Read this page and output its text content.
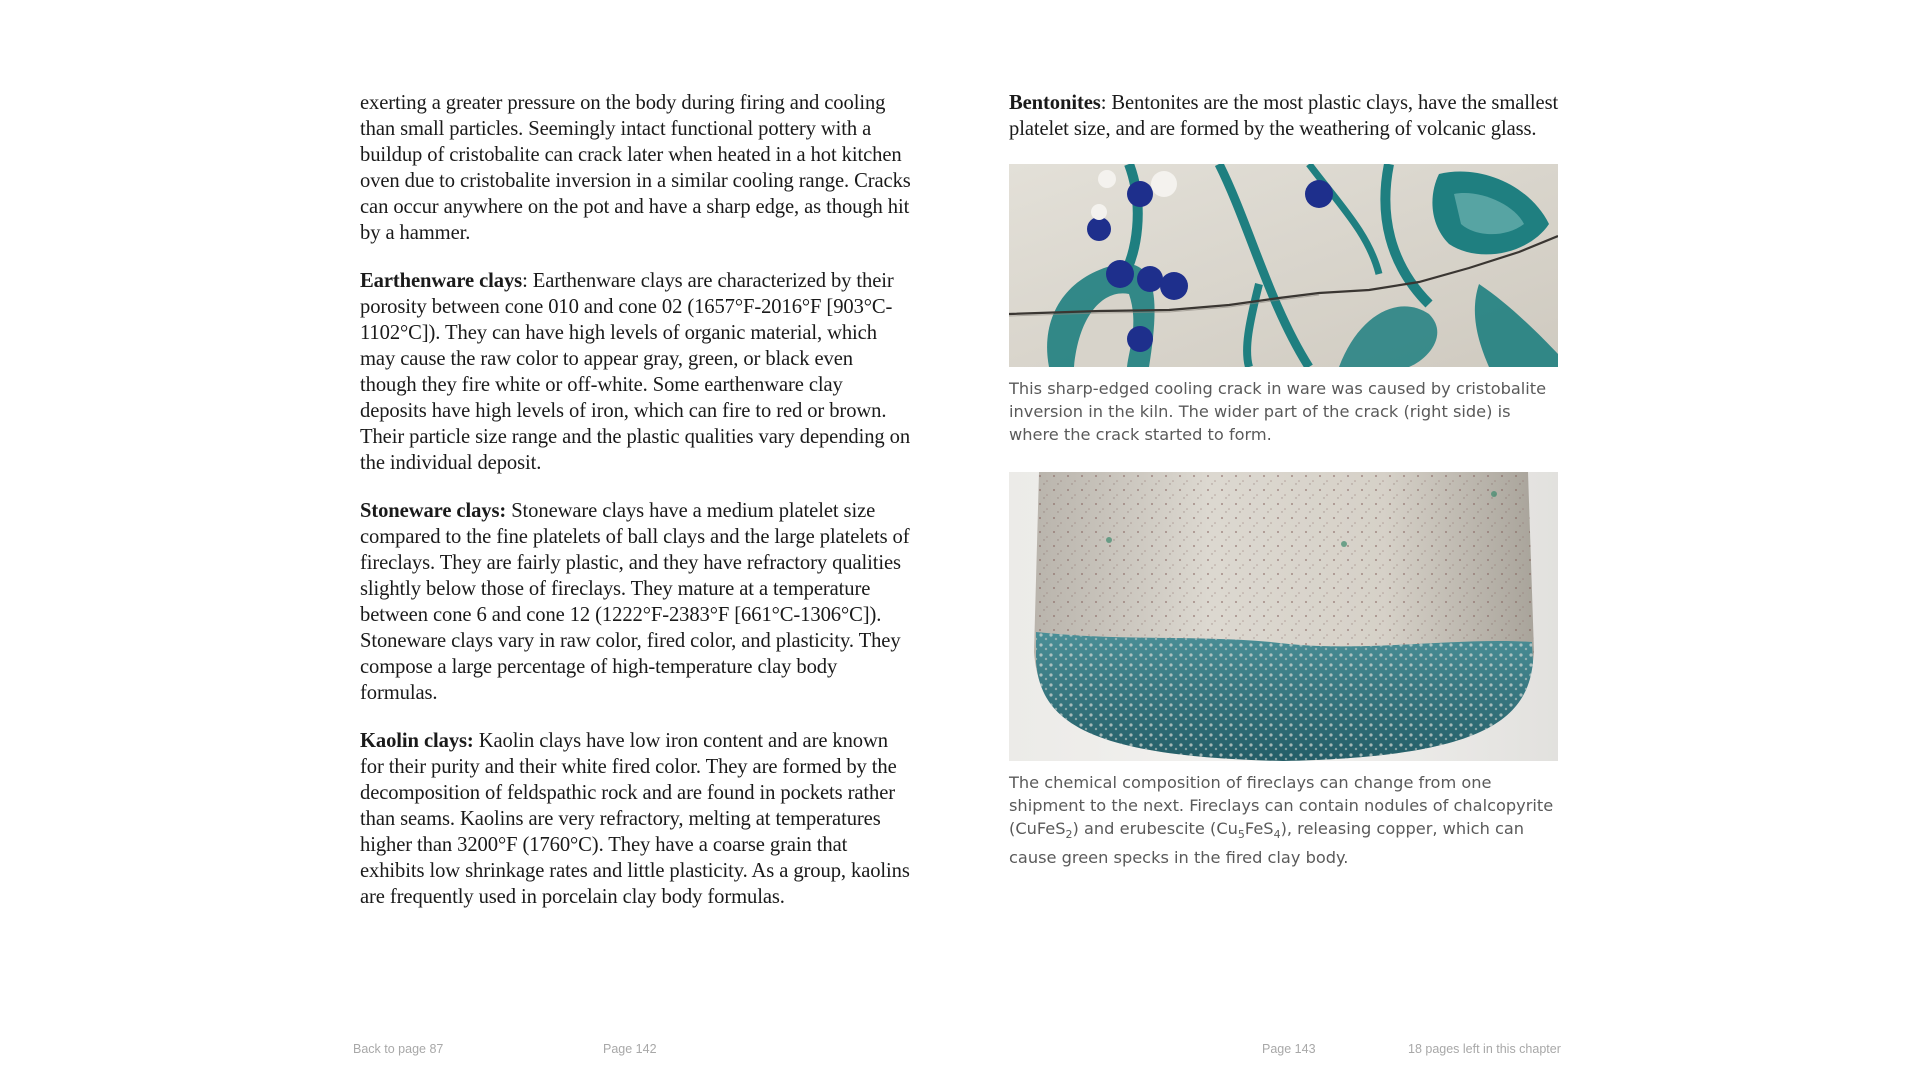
exerting a greater pressure on the body during firing and cooling than small particles. Seemingly intact functional pottery with a buildup of cristobalite can crack later when heated in a hot kitchen oven due to cristobalite inversion in a similar cooling range. Cracks can occur anywhere on the pot and have a sharp edge, as though hit by a hammer.

Earthenware clays: Earthenware clays are characterized by their porosity between cone 010 and cone 02 (1657°F-2016°F [903°C-1102°C]). They can have high levels of organic material, which may cause the raw color to appear gray, green, or black even though they fire white or off-white. Some earthenware clay deposits have high levels of iron, which can fire to red or brown. Their particle size range and the plastic qualities vary depending on the individual deposit.

Stoneware clays: Stoneware clays have a medium platelet size compared to the fine platelets of ball clays and the large platelets of fireclays. They are fairly plastic, and they have refractory qualities slightly below those of fireclays. They mature at a temperature between cone 6 and cone 12 (1222°F-2383°F [661°C-1306°C]). Stoneware clays vary in raw color, fired color, and plasticity. They compose a large percentage of high-temperature clay body formulas.

Kaolin clays: Kaolin clays have low iron content and are known for their purity and their white fired color. They are formed by the decomposition of feldspathic rock and are found in pockets rather than seams. Kaolins are very refractory, melting at temperatures higher than 3200°F (1760°C). They have a coarse grain that exhibits low shrinkage rates and little plasticity. As a group, kaolins are frequently used in porcelain clay body formulas.

Bentonites: Bentonites are the most plastic clays, have the smallest platelet size, and are formed by the weathering of volcanic glass.

This sharp-edged cooling crack in ware was caused by cristobalite inversion in the kiln. The wider part of the crack (right side) is where the crack started to form.

The chemical composition of fireclays can change from one shipment to the next. Fireclays can contain nodules of chalcopyrite (CuFeS$_2$) and erubescite $(Cu_5FeS_4)$, releasing copper, which can cause green specks in the fired clay body.

Back to page 87	Page 142	Page 143	18 pages left in this chapter
